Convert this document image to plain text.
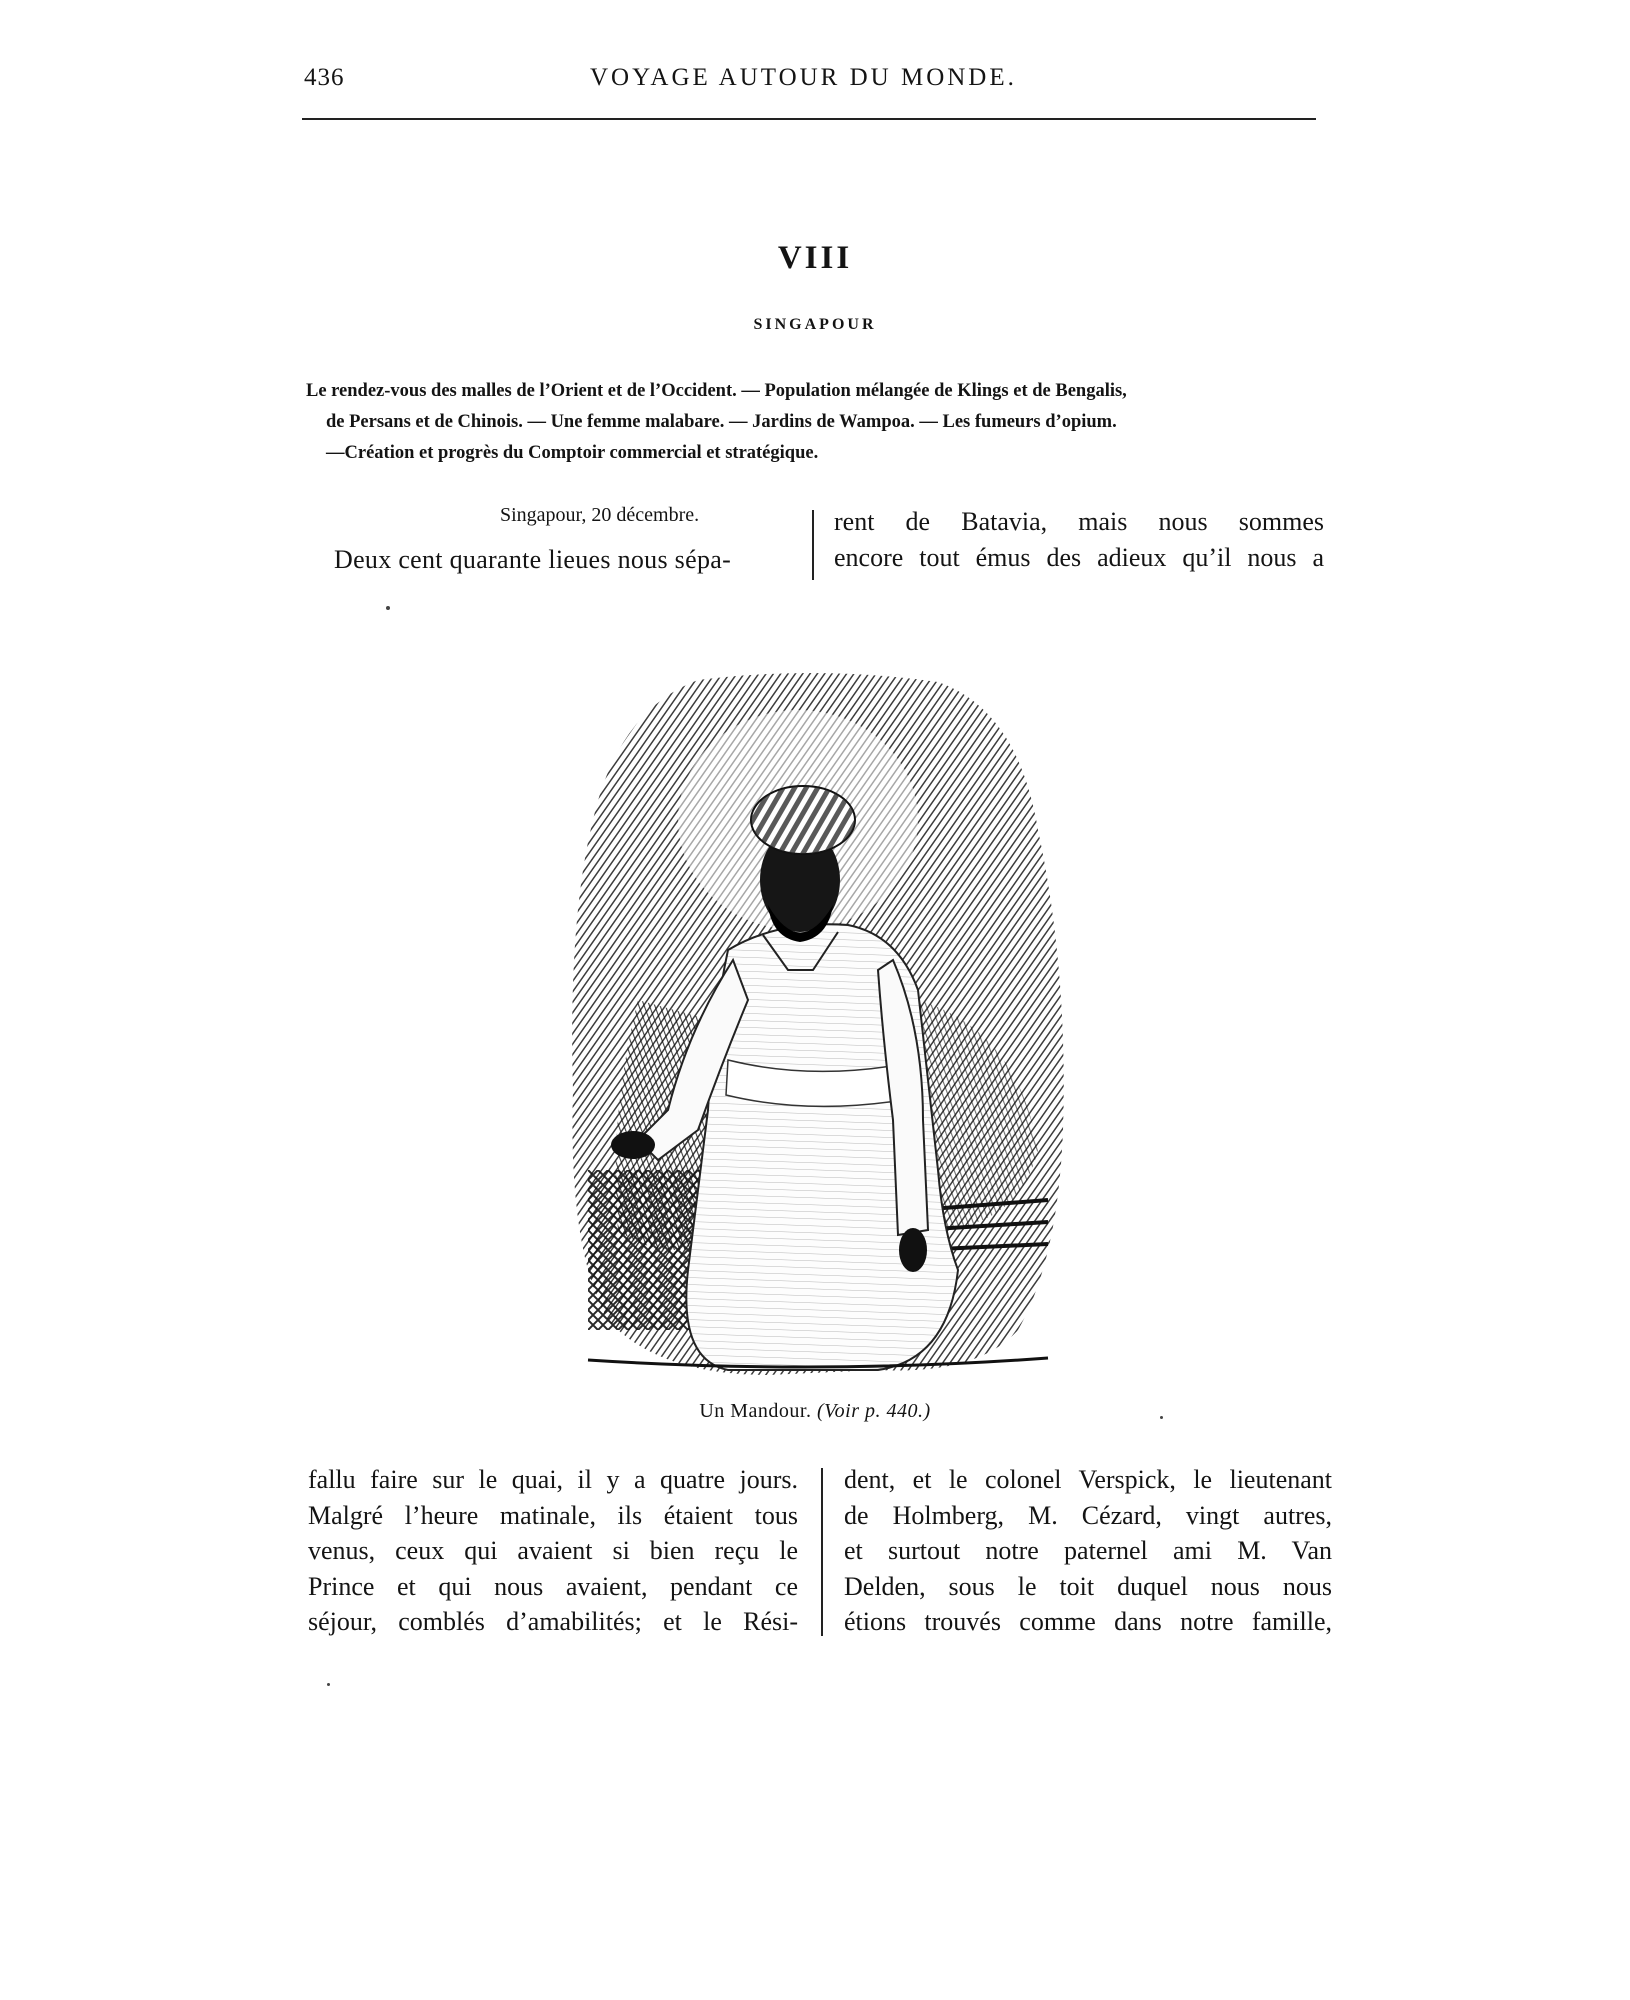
436	VOYAGE AUTOUR DU MONDE.
VIII
SINGAPOUR
Le rendez-vous des malles de l’Orient et de l’Occident. — Population mélangée de Klings et de Bengalis,
de Persans et de Chinois. — Une femme malabare. — Jardins de Wampoa. — Les fumeurs d’opium.
—Création et progrès du Comptoir commercial et stratégique.
Singapour, 20 décembre.
Deux cent quarante lieues nous sépa-
rent de Batavia, mais nous sommes
encore tout émus des adieux qu’il nous a
Un Mandour. (Voir p. 440.)
fallu faire sur le quai, il y a quatre jours.
Malgré l’heure matinale, ils étaient tous
venus, ceux qui avaient si bien reçu le
Prince et qui nous avaient, pendant ce
séjour, comblés d’amabilités; et le Rési-
dent, et le colonel Verspick, le lieutenant
de Holmberg, M. Cézard, vingt autres,
et surtout notre paternel ami M. Van
Delden, sous le toit duquel nous nous
étions trouvés comme dans notre famille,
